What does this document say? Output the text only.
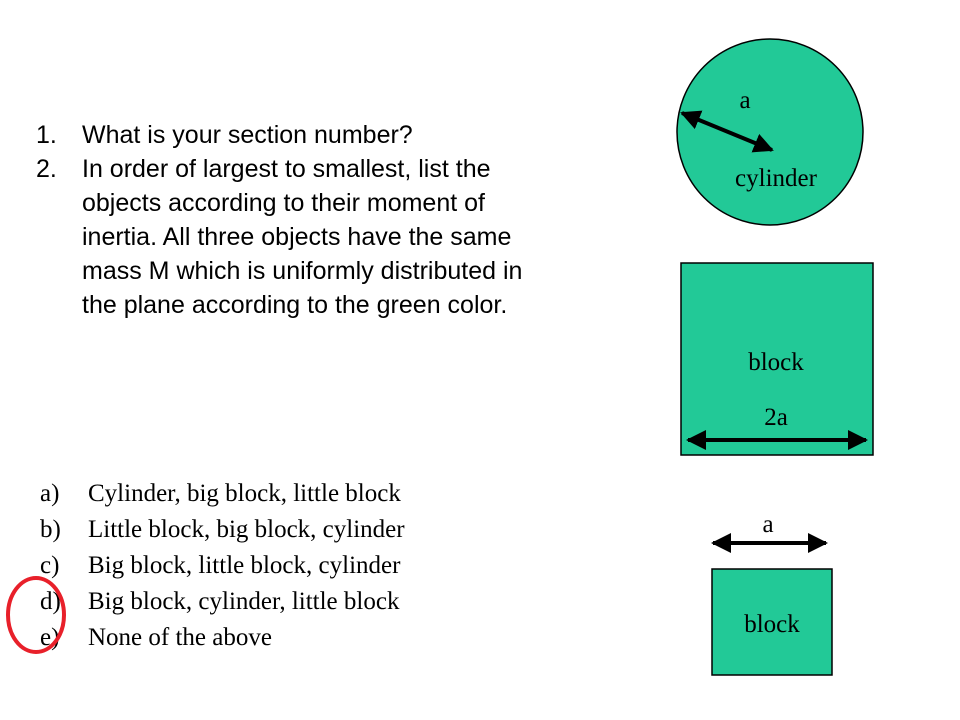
1. What is your section number?
2. In order of largest to smallest, list the objects according to their moment of inertia. All three objects have the same mass M which is uniformly distributed in the plane according to the green color.
a) Cylinder, big block, little block
b) Little block, big block, cylinder
c) Big block, little block, cylinder
d) Big block, cylinder, little block
e) None of the above
a
cylinder
block
2a
a
block
